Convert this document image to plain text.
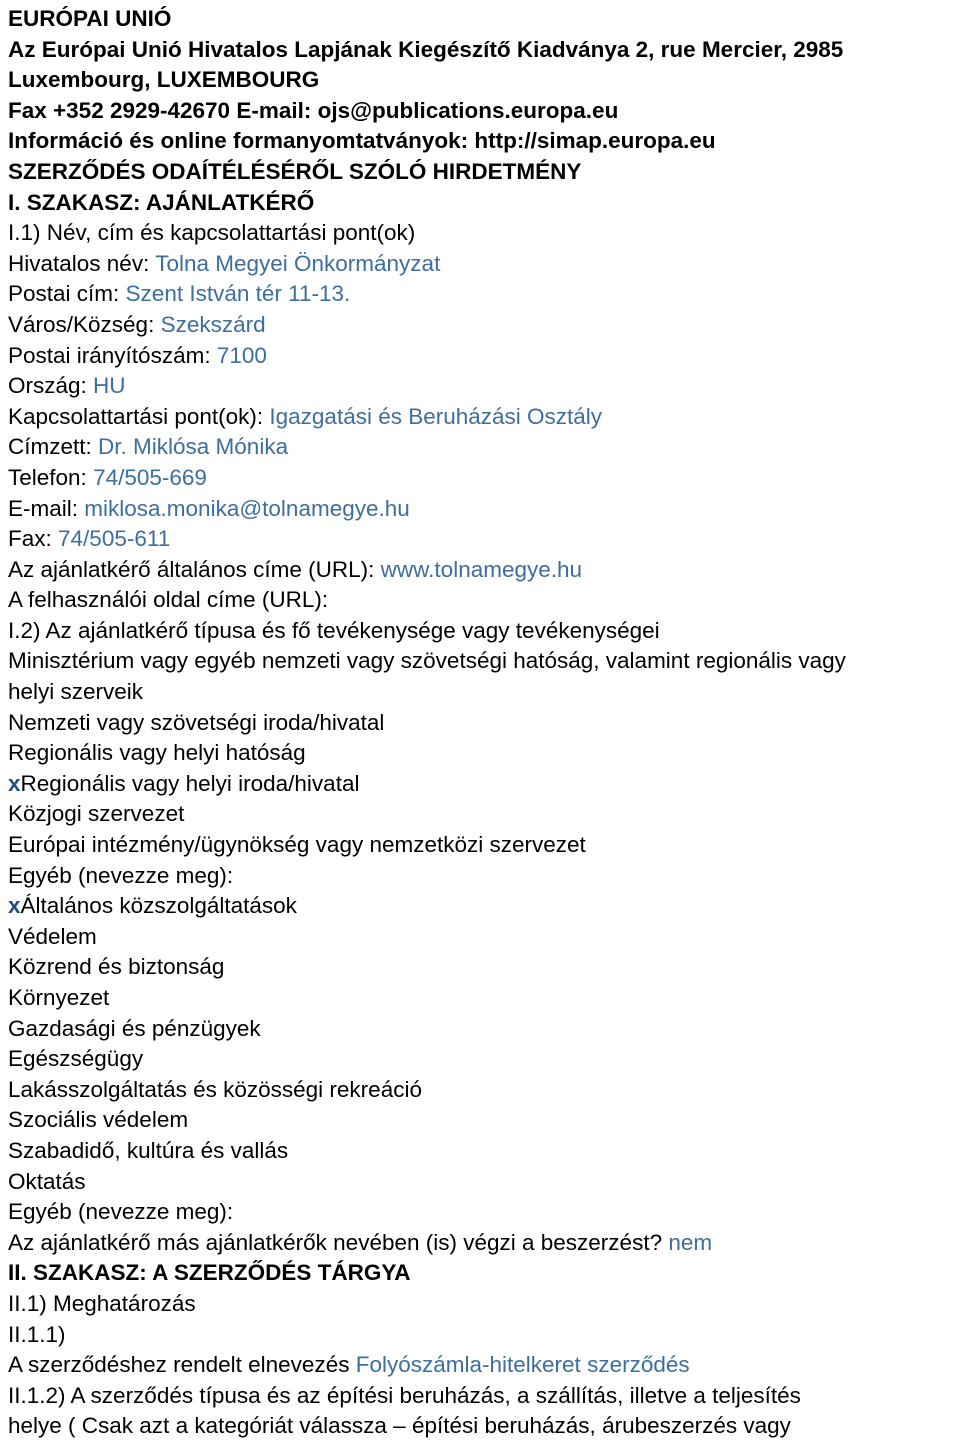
EURÓPAI UNIÓ

Az Európai Unió Hivatalos Lapjának Kiegészítő Kiadványa 2, rue Mercier, 2985

Luxembourg, LUXEMBOURG

Fax +352 2929-42670 E-mail: ojs@publications.europa.eu

Információ és online formanyomtatványok: http://simap.europa.eu

SZERZŐDÉS ODAÍTÉLÉSÉRŐL SZÓLÓ HIRDETMÉNY

I. SZAKASZ: AJÁNLATKÉRŐ

I.1) Név, cím és kapcsolattartási pont(ok)

Hivatalos név: Tolna Megyei Önkormányzat

Postai cím: Szent István tér 11-13.

Város/Község: Szekszárd

Postai irányítószám: 7100

Ország: HU

Kapcsolattartási pont(ok): Igazgatási és Beruházási Osztály

Címzett: Dr. Miklósa Mónika

Telefon: 74/505-669

E-mail: miklosa.monika@tolnamegye.hu

Fax: 74/505-611

Az ajánlatkérő általános címe (URL): www.tolnamegye.hu

A felhasználói oldal címe (URL):

I.2) Az ajánlatkérő típusa és fő tevékenysége vagy tevékenységei

Minisztérium vagy egyéb nemzeti vagy szövetségi hatóság, valamint regionális vagy

helyi szerveik

Nemzeti vagy szövetségi iroda/hivatal

Regionális vagy helyi hatóság

xRegionális vagy helyi iroda/hivatal

Közjogi szervezet

Európai intézmény/ügynökség vagy nemzetközi szervezet

Egyéb (nevezze meg):

xÁltalános közszolgáltatások

Védelem

Közrend és biztonság

Környezet

Gazdasági és pénzügyek

Egészségügy

Lakásszolgáltatás és közösségi rekreáció

Szociális védelem

Szabadidő, kultúra és vallás

Oktatás

Egyéb (nevezze meg):

Az ajánlatkérő más ajánlatkérők nevében (is) végzi a beszerzést? nem

II. SZAKASZ: A SZERZŐDÉS TÁRGYA

II.1) Meghatározás

II.1.1)

A szerződéshez rendelt elnevezés Folyószámla-hitelkeret szerződés

II.1.2) A szerződés típusa és az építési beruházás, a szállítás, illetve a teljesítés

helye ( Csak azt a kategóriát válassza – építési beruházás, árubeszerzés vagy
